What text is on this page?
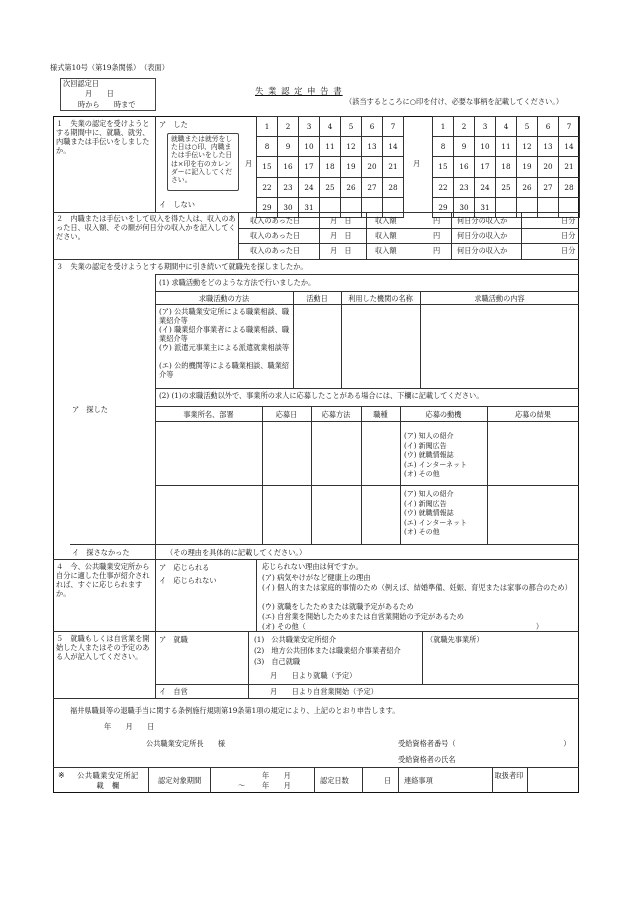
様式第10号（第19条関係）　（表面）
次回認定日
月　　日
時から　　時まで
失 業 認 定 申 告 書
（該当するところに○印を付け、必要な事柄を記載してください。）
１　失業の認定を受けようとする期間中に、就職、就労、内職または手伝いをしましたか。
ア　した
就職または就労をした日は○印、内職または手伝いをした日は×印を右のカレンダーに記入してください。
イ　しない
月	月
1	2	3	4	5	6	7
8	9	10	11	12	13	14
15	16	17	18	19	20	21
22	23	24	25	26	27	28
29	30	31				
1	2	3	4	5	6	7
8	9	10	11	12	13	14
15	16	17	18	19	20	21
22	23	24	25	26	27	28
29	30	31				
２　内職または手伝いをして収入を得た人は、収入のあった日、収入額、その額が何日分の収入かを記入してください。
収入のあった日	月　日	収入額	円 何日分の収入か	日分
収入のあった日	月　日	収入額	円 何日分の収入か	日分
収入のあった日	月　日	収入額	円 何日分の収入か	日分
３　失業の認定を受けようとする期間中に引き続いて就職先を探しましたか。
ア　探した
(1) 求職活動をどのような方法で行いましたか。
求職活動の方法	活動日	利用した機関の名称	求職活動の内容
(ア) 公共職業安定所による職業相談、職業紹介等
(イ) 職業紹介事業者による職業相談、職業紹介等
(ウ) 派遣元事業主による派遣就業相談等
(エ) 公的機関等による職業相談、職業紹介等
(2) (1)の求職活動以外で、事業所の求人に応募したことがある場合には、下欄に記載してください。
事業所名、部署	応募日	応募方法	職種	応募の動機	応募の結果
(ア) 知人の紹介
(イ) 新聞広告
(ウ) 就職情報誌
(エ) インターネット
(オ) その他
(ア) 知人の紹介
(イ) 新聞広告
(ウ) 就職情報誌
(エ) インターネット
(オ) その他
イ　探さなかった	（その理由を具体的に記載してください。）
４　今、公共職業安定所から自分に適した仕事が紹介されれば、すぐに応じられますか。
ア　応じられる
イ　応じられない
応じられない理由は何ですか。
(ア) 病気やけがなど健康上の理由
(イ) 個人的または家庭的事情のため（例えば、結婚準備、妊娠、育児または家事の都合のため）
(ウ) 就職をしたためまたは就職予定があるため
(エ) 自営業を開始したためまたは自営業開始の予定があるため
(オ) その他（　　　　　　　　　　　　　　　　　　　　　　　　　　　　　　　　）
５　就職もしくは自営業を開始した人またはその予定のある人が記入してください。
ア　就職	(1)　公共職業安定所紹介
(2)　地方公共団体または職業紹介事業者紹介
(3)　自己就職
月　　日より就職（予定）
（就職先事業所）
イ　自営	月　　日より自営業開始（予定）
福井県職員等の退職手当に関する条例施行規則第19条第1項の規定により、上記のとおり申告します。
年　　月　　日
公共職業安定所長　　様	受給資格者番号（　　　　　　　　　　　　　　　）
受給資格者の氏名
※	公共職業安定所記　載　欄	認定対象期間
年　　月
〜 年　　月
認定日数	日 連絡事項
取扱者印
